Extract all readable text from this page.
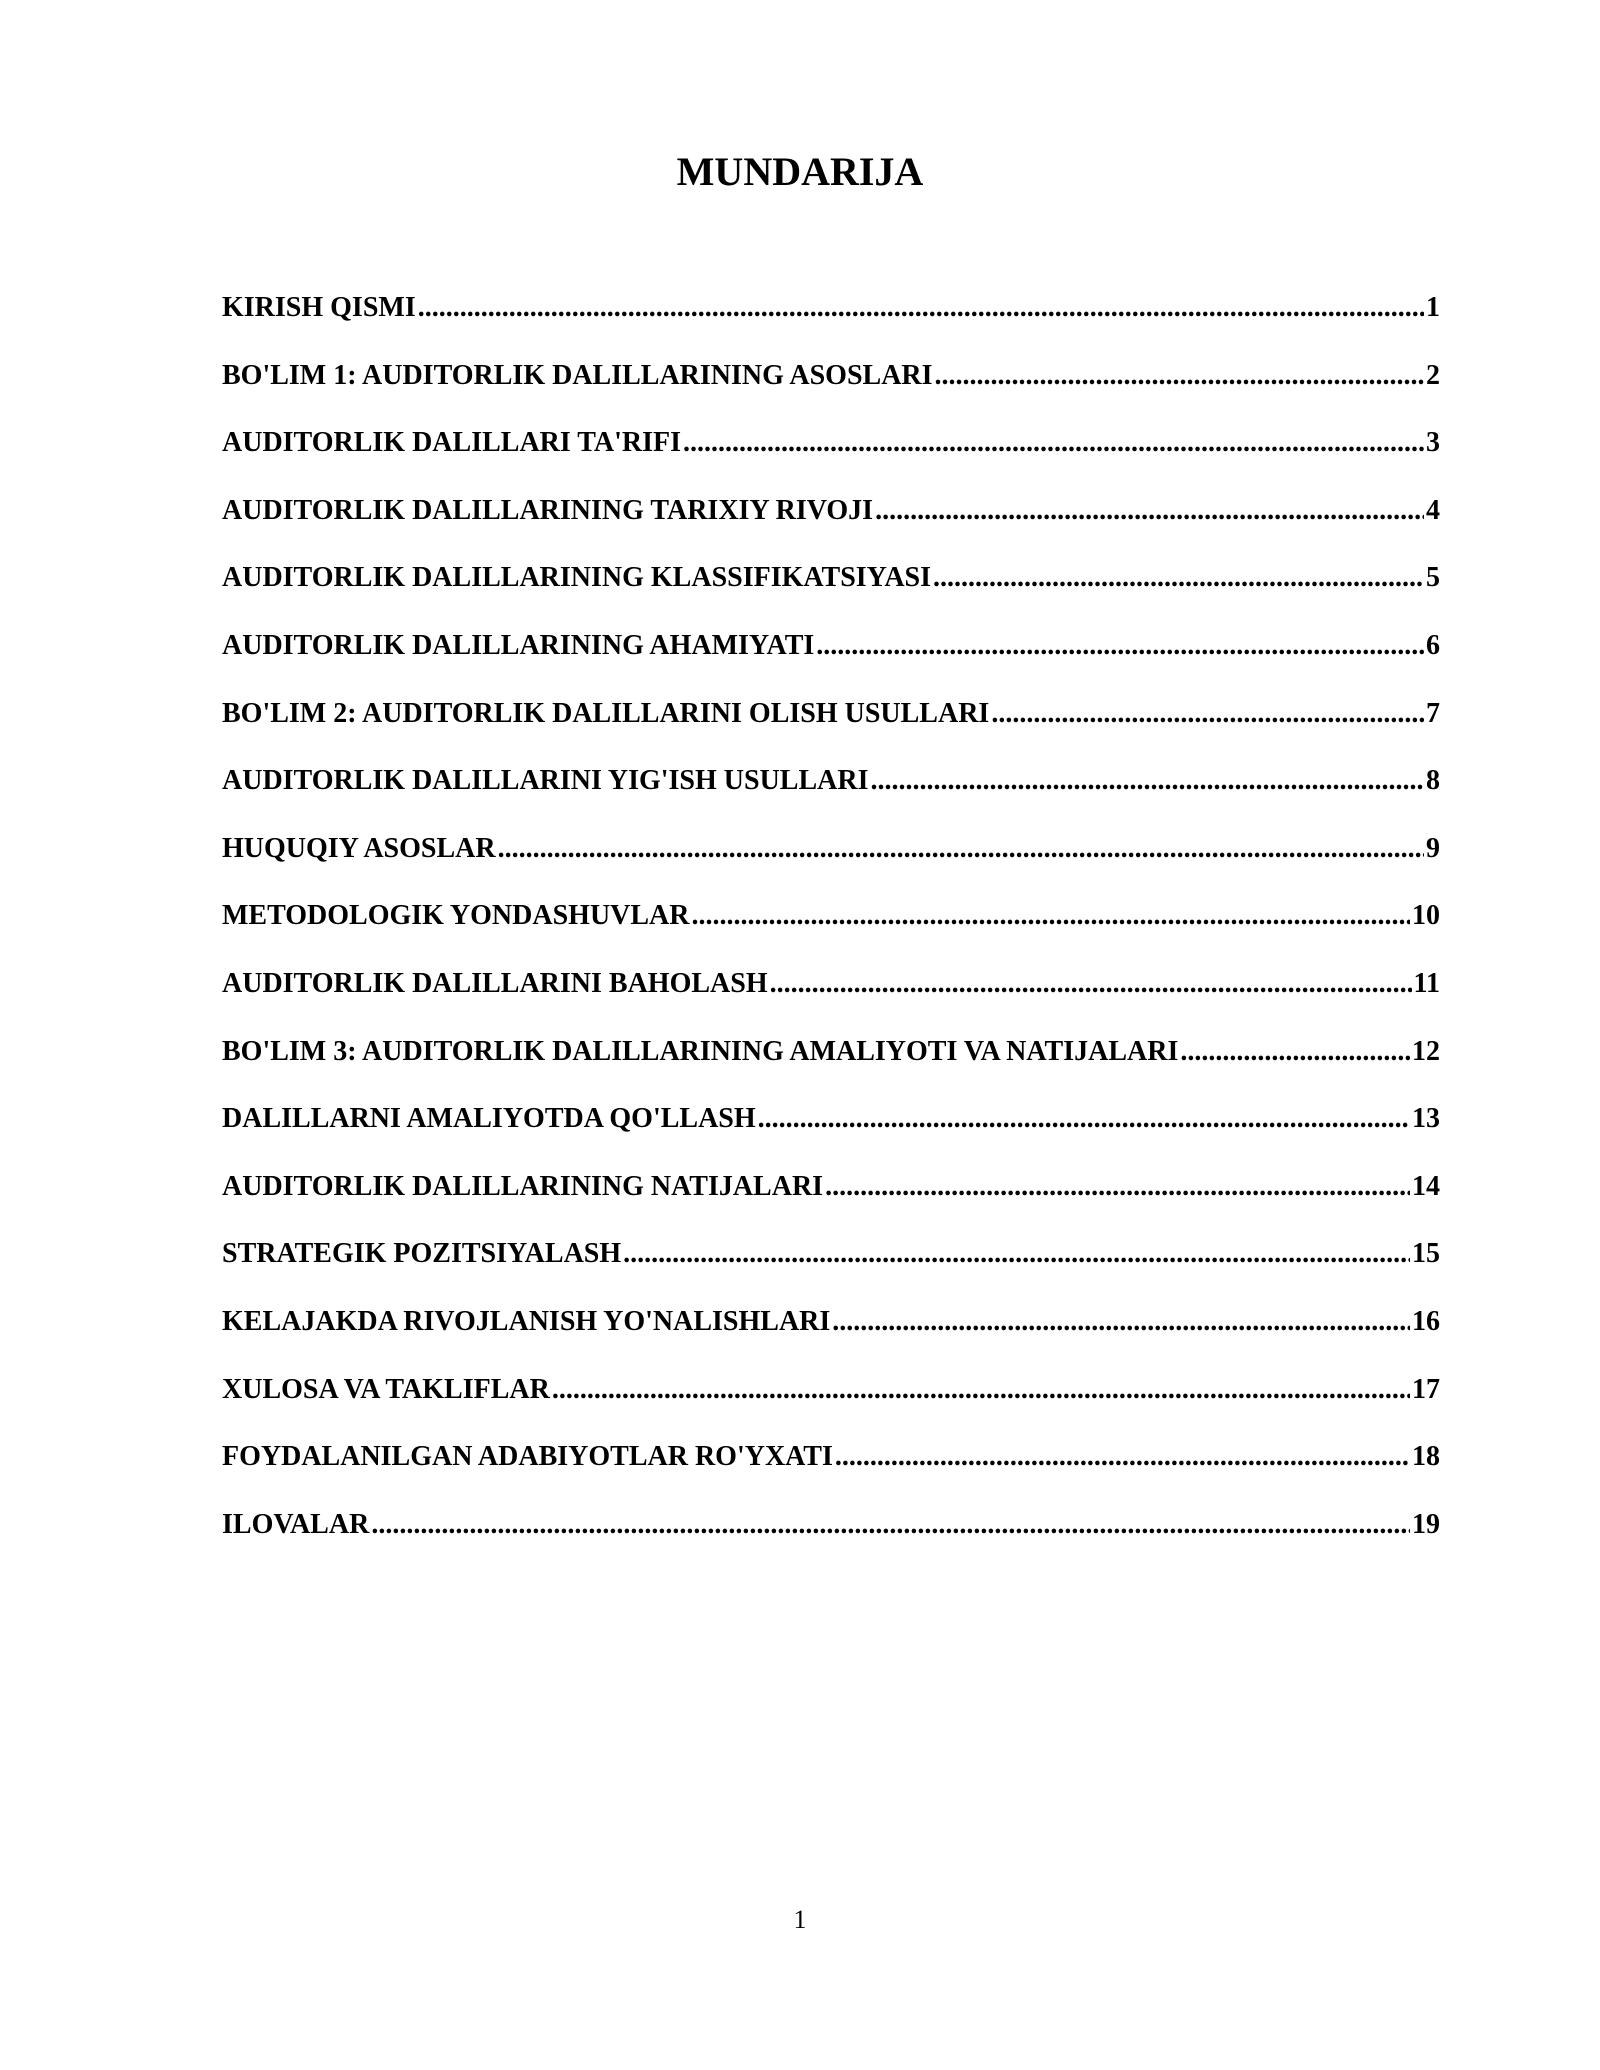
MUNDARIJA
KIRISH QISMI .....	1
BO'LIM 1: AUDITORLIK DALILLARINING ASOSLARI .....	2
AUDITORLIK DALILLARI TA'RIFI .....	3
AUDITORLIK DALILLARINING TARIXIY RIVOJI .....	4
AUDITORLIK DALILLARINING KLASSIFIKATSIYASI .....	5
AUDITORLIK DALILLARINING AHAMIYATI .....	6
BO'LIM 2: AUDITORLIK DALILLARINI OLISH USULLARI .....	7
AUDITORLIK DALILLARINI YIG'ISH USULLARI .....	8
HUQUQIY ASOSLAR .....	9
METODOLOGIK YONDASHUVLAR .....	10
AUDITORLIK DALILLARINI BAHOLASH .....	11
BO'LIM 3: AUDITORLIK DALILLARINING AMALIYOTI VA NATIJALARI .....	12
DALILLARNI AMALIYOTDA QO'LLASH .....	13
AUDITORLIK DALILLARINING NATIJALARI .....	14
STRATEGIK POZITSIYALASH .....	15
KELAJAKDA RIVOJLANISH YO'NALISHLARI .....	16
XULOSA VA TAKLIFLAR .....	17
FOYDALANILGAN ADABIYOTLAR RO'YXATI .....	18
ILOVALAR .....	19
1
